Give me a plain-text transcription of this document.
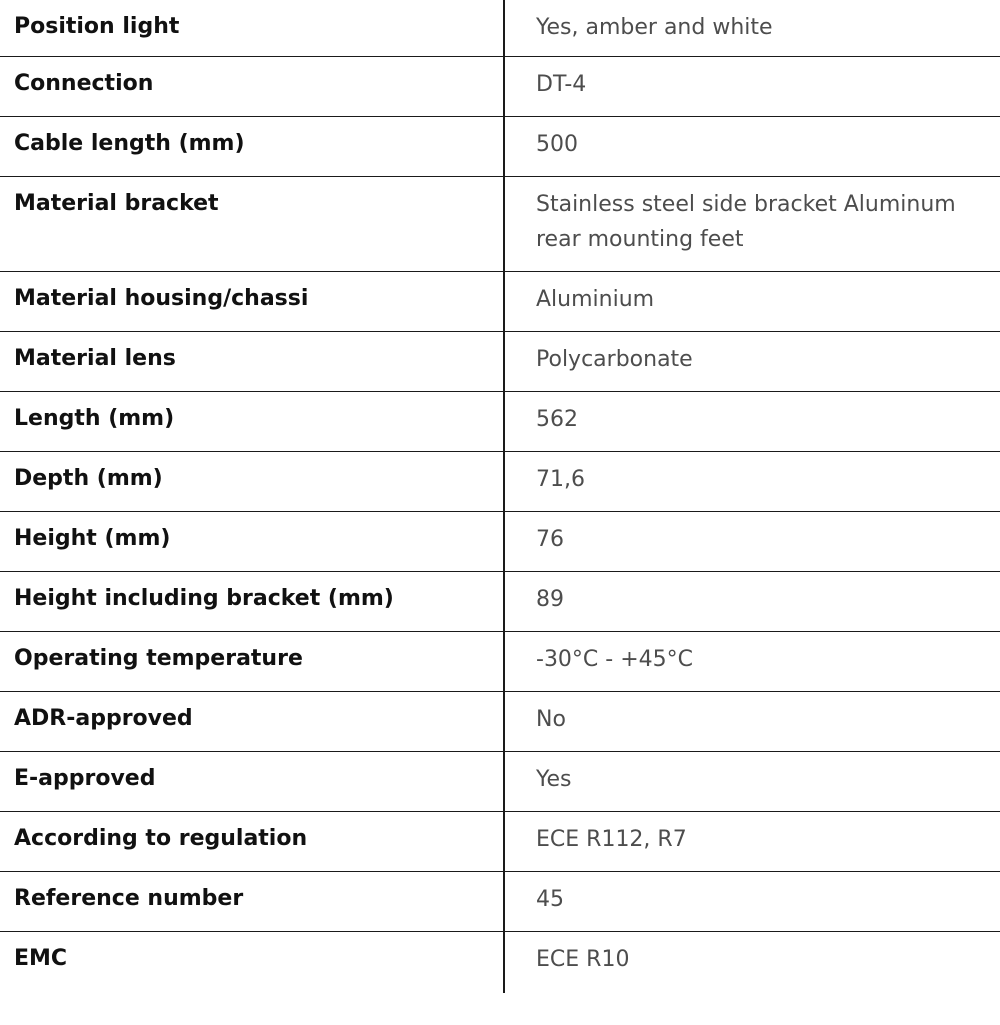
Position light	Yes, amber and white
Connection	DT-4
Cable length (mm)	500
Material bracket	Stainless steel side bracket Aluminum rear mounting feet
Material housing/chassi	Aluminium
Material lens	Polycarbonate
Length (mm)	562
Depth (mm)	71,6
Height (mm)	76
Height including bracket (mm)	89
Operating temperature	-30°C - +45°C
ADR-approved	No
E-approved	Yes
According to regulation	ECE R112, R7
Reference number	45
EMC	ECE R10
